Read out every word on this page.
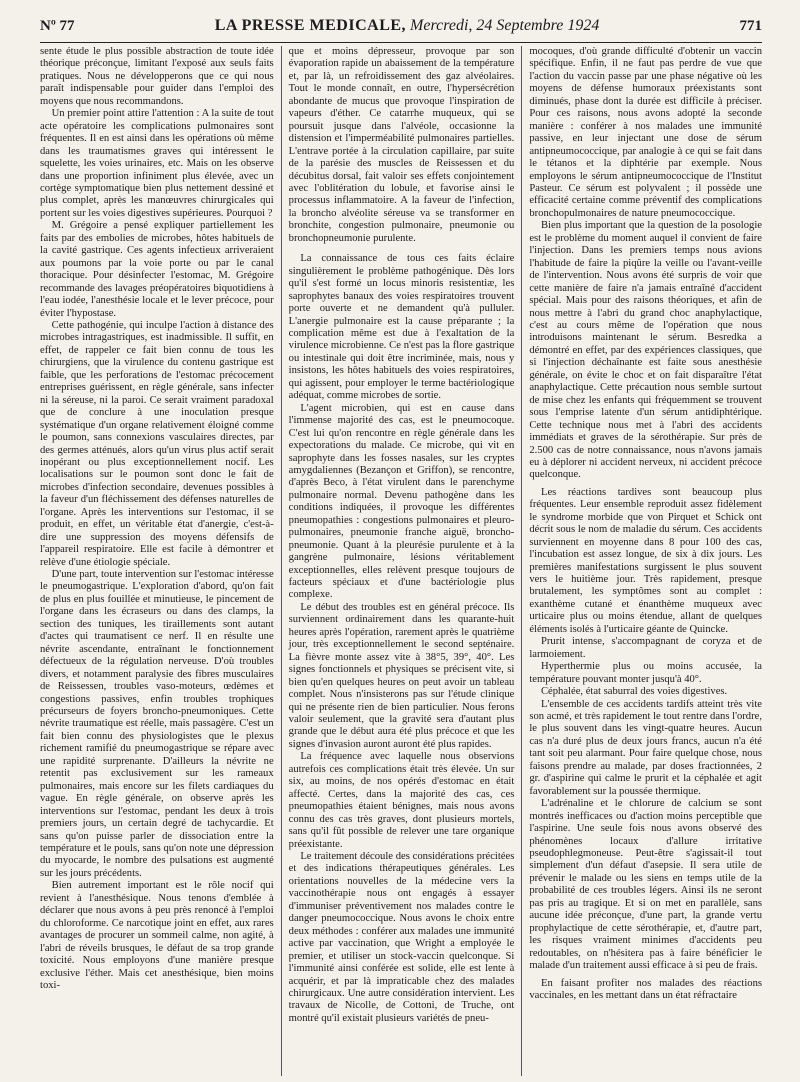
Nº 77	LA PRESSE MEDICALE, Mercredi, 24 Septembre 1924	771

sente étude le plus possible abstraction de toute idée théorique préconçue, limitant l'exposé aux seuls faits pratiques. Nous ne développerons que ce qui nous paraît indispensable pour guider dans l'emploi des moyens que nous recommandons.

Un premier point attire l'attention : A la suite de tout acte opératoire les complications pulmonaires sont fréquentes. Il en est ainsi dans les opérations où même dans les traumatismes graves qui intéressent le squelette, les voies urinaires, etc. Mais on les observe dans une proportion infiniment plus élevée, avec un cortège symptomatique bien plus nettement dessiné et plus complet, après les manœuvres chirurgicales qui portent sur les voies digestives supérieures. Pourquoi ?

M. Grégoire a pensé expliquer partiellement les faits par des embolies de microbes, hôtes habituels de la cavité gastrique. Ces agents infectieux arriveraient aux poumons par la voie porte ou par le canal thoracique. Pour désinfecter l'estomac, M. Grégoire recommande des lavages préopératoires biquotidiens à l'eau iodée, l'anesthésie locale et le lever précoce, pour éviter l'hypostase.

Cette pathogénie, qui inculpe l'action à distance des microbes intragastriques, est inadmissible. Il suffit, en effet, de rappeler ce fait bien connu de tous les chirurgiens, que la virulence du contenu gastrique est faible, que les perforations de l'estomac précocement entreprises guérissent, en règle générale, sans infecter ni la séreuse, ni la paroi. Ce serait vraiment paradoxal que de conclure à une inoculation presque systématique d'un organe relativement éloigné comme le poumon, sans connexions vasculaires directes, par des germes atténués, alors qu'un virus plus actif serait inopérant ou plus exceptionnellement nocif. Les localisations sur le poumon sont donc le fait de microbes d'infection secondaire, devenues possibles à la faveur d'un fléchissement des défenses naturelles de l'organe. Après les interventions sur l'estomac, il se produit, en effet, un véritable état d'anergie, c'est-à-dire une suppression des moyens défensifs de l'appareil respiratoire. Elle est facile à démontrer et relève d'une étiologie spéciale.

D'une part, toute intervention sur l'estomac intéresse le pneumogastrique. L'exploration d'abord, qu'on fait de plus en plus fouillée et minutieuse, le pincement de l'organe dans les écraseurs ou dans des clamps, la section des tuniques, les tiraillements sont autant d'actes qui traumatisent ce nerf. Il en résulte une névrite ascendante, entraînant le fonctionnement défectueux de la régulation nerveuse. D'où troubles divers, et notamment paralysie des fibres musculaires de Reissessen, troubles vaso-moteurs, œdèmes et congestions passives, enfin troubles trophiques précurseurs de foyers broncho-pneumoniques. Cette névrite traumatique est réelle, mais passagère. C'est un fait bien connu des physiologistes que le plexus richement ramifié du pneumogastrique se répare avec une rapidité surprenante. D'ailleurs la névrite ne retentit pas exclusivement sur les rameaux pulmonaires, mais encore sur les filets cardiaques du vague. En règle générale, on observe après les interventions sur l'estomac, pendant les deux à trois premiers jours, un certain degré de tachycardie. Et sans qu'on puisse parler de dissociation entre la température et le pouls, sans qu'on note une dépression du myocarde, le nombre des pulsations est augmenté sur les jours précédents.

Bien autrement important est le rôle nocif qui revient à l'anesthésique. Nous tenons d'emblée à déclarer que nous avons à peu près renoncé à l'emploi du chloroforme. Ce narcotique joint en effet, aux rares avantages de procurer un sommeil calme, non agité, à l'abri de réveils brusques, le défaut de sa trop grande toxicité. Nous employons d'une manière presque exclusive l'éther. Mais cet anesthésique, bien moins toxi-

que et moins dépresseur, provoque par son évaporation rapide un abaissement de la température et, par là, un refroidissement des gaz alvéolaires. Tout le monde connaît, en outre, l'hypersécrétion abondante de mucus que provoque l'inspiration de vapeurs d'éther. Ce catarrhe muqueux, qui se poursuit jusque dans l'alvéole, occasionne la distension et l'imperméabilité pulmonaires partielles. L'entrave portée à la circulation capillaire, par suite de la parésie des muscles de Reissessen et du décubitus dorsal, fait valoir ses effets conjointement avec l'oblitération du lobule, et favorise ainsi le processus inflammatoire. A la faveur de l'infection, la broncho alvéolite séreuse va se transformer en bronchite, congestion pulmonaire, pneumonie ou bronchopneumonie purulente.

La connaissance de tous ces faits éclaire singulièrement le problème pathogénique. Dès lors qu'il s'est formé un locus minoris resistentiæ, les saprophytes banaux des voies respiratoires trouvent porte ouverte et ne demandent qu'à pulluler. L'anergie pulmonaire est la cause préparante ; la complication même est due à l'exaltation de la virulence microbienne. Ce n'est pas la flore gastrique ou intestinale qui doit être incriminée, mais, nous y insistons, les hôtes habituels des voies respiratoires, qui agissent, pour employer le terme bactériologique adéquat, comme microbes de sortie.

L'agent microbien, qui est en cause dans l'immense majorité des cas, est le pneumocoque. C'est lui qu'on rencontre en règle générale dans les expectorations du malade. Ce microbe, qui vit en saprophyte dans les fosses nasales, sur les cryptes amygdaliennes (Bezançon et Griffon), se rencontre, d'après Beco, à l'état virulent dans le parenchyme pulmonaire normal. Devenu pathogène dans les conditions indiquées, il provoque les différentes pneumopathies : congestions pulmonaires et pleuro-pulmonaires, pneumonie franche aiguë, broncho-pneumonie. Quant à la pleurésie purulente et à la gangrène pulmonaire, lésions véritablement exceptionnelles, elles relèvent presque toujours de facteurs spéciaux et d'une bactériologie plus complexe.

Le début des troubles est en général précoce. Ils surviennent ordinairement dans les quarante-huit heures après l'opération, rarement après le quatrième jour, très exceptionnellement le second septénaire. La fièvre monte assez vite à 38°5, 39°, 40°. Les signes fonctionnels et physiques se précisent vite, si bien qu'en quelques heures on peut avoir un tableau complet. Nous n'insisterons pas sur l'étude clinique qui ne présente rien de bien particulier. Nous ferons valoir seulement, que la gravité sera d'autant plus grande que le début aura été plus précoce et que les signes d'invasion auront auront été plus rapides.

La fréquence avec laquelle nous observions autrefois ces complications était très élevée. Un sur six, au moins, de nos opérés d'estomac en était affecté. Certes, dans la majorité des cas, ces pneumopathies étaient bénignes, mais nous avons connu des cas très graves, dont plusieurs mortels, sans qu'il fût possible de relever une tare organique préexistante.

Le traitement découle des considérations précitées et des indications thérapeutiques générales. Les orientations nouvelles de la médecine vers la vaccinothérapie nous ont engagés à essayer d'immuniser préventivement nos malades contre le danger pneumococcique. Nous avons le choix entre deux méthodes : conférer aux malades une immunité active par vaccination, que Wright a employée le premier, et utiliser un stock-vaccin quelconque. Si l'immunité ainsi conférée est solide, elle est lente à acquérir, et par là impraticable chez des malades chirurgicaux. Une autre considération intervient. Les travaux de Nicolle, de Cottoni, de Truche, ont montré qu'il existait plusieurs variétés de pneu-

mocoques, d'où grande difficulté d'obtenir un vaccin spécifique. Enfin, il ne faut pas perdre de vue que l'action du vaccin passe par une phase négative où les moyens de défense humoraux préexistants sont diminués, phase dont la durée est difficile à préciser. Pour ces raisons, nous avons adopté la seconde manière : conférer à nos malades une immunité passive, en leur injectant une dose de sérum antipneumococcique, par analogie à ce qui se fait dans le tétanos et la diphtérie par exemple. Nous employons le sérum antipneumococcique de l'Institut Pasteur. Ce sérum est polyvalent ; il possède une efficacité certaine comme préventif des complications bronchopulmonaires de nature pneumococcique.

Bien plus important que la question de la posologie est le problème du moment auquel il convient de faire l'injection. Dans les premiers temps nous avions l'habitude de faire la piqûre la veille ou l'avant-veille de l'intervention. Nous avons été surpris de voir que cette manière de faire n'a jamais entraîné d'accident spécial. Mais pour des raisons théoriques, et afin de nous mettre à l'abri du grand choc anaphylactique, c'est au cours même de l'opération que nous introduisons maintenant le sérum. Besredka a démontré en effet, par des expériences classiques, que si l'injection déchaînante est faite sous anesthésie générale, on évite le choc et on fait disparaître l'état anaphylactique. Cette précaution nous semble surtout de mise chez les enfants qui fréquemment se trouvent sous l'emprise latente d'un sérum antidiphtérique. Cette technique nous met à l'abri des accidents immédiats et graves de la sérothérapie. Sur près de 2.500 cas de notre connaissance, nous n'avons jamais eu à déplorer ni accident nerveux, ni accident précoce quelconque.

Les réactions tardives sont beaucoup plus fréquentes. Leur ensemble reproduit assez fidèlement le syndrome morbide que von Pirquet et Schick ont décrit sous le nom de maladie du sérum. Ces accidents surviennent en moyenne dans 8 pour 100 des cas, l'incubation est assez longue, de six à dix jours. Les premières manifestations surgissent le plus souvent vers le huitième jour. Très rapidement, presque brutalement, les symptômes sont au complet : exanthème cutané et énanthème muqueux avec urticaire plus ou moins étendue, allant de quelques éléments isolés à l'urticaire géante de Quincke.

Prurit intense, s'accompagnant de coryza et de larmoiement.

Hyperthermie plus ou moins accusée, la température pouvant monter jusqu'à 40°.

Céphalée, état saburral des voies digestives.

L'ensemble de ces accidents tardifs atteint très vite son acmé, et très rapidement le tout rentre dans l'ordre, le plus souvent dans les vingt-quatre heures. Aucun cas n'a duré plus de deux jours francs, aucun n'a été tant soit peu alarmant. Pour faire quelque chose, nous faisons prendre au malade, par doses fractionnées, 2 gr. d'aspirine qui calme le prurit et la céphalée et agit favorablement sur la poussée thermique.

L'adrénaline et le chlorure de calcium se sont montrés inefficaces ou d'action moins perceptible que l'aspirine. Une seule fois nous avons observé des phénomènes locaux d'allure irritative pseudophlegmoneuse. Peut-être s'agissait-il tout simplement d'un défaut d'asepsie. Il sera utile de prévenir le malade ou les siens en temps utile de la probabilité de ces troubles légers. Ainsi ils ne seront pas pris au tragique. Et si on met en parallèle, sans aucune idée préconçue, d'une part, la grande vertu prophylactique de cette sérothérapie, et, d'autre part, les risques vraiment minimes d'accidents peu redoutables, on n'hésitera pas à faire bénéficier le malade d'un traitement aussi efficace à si peu de frais.

En faisant profiter nos malades des réactions vaccinales, en les mettant dans un état réfractaire
